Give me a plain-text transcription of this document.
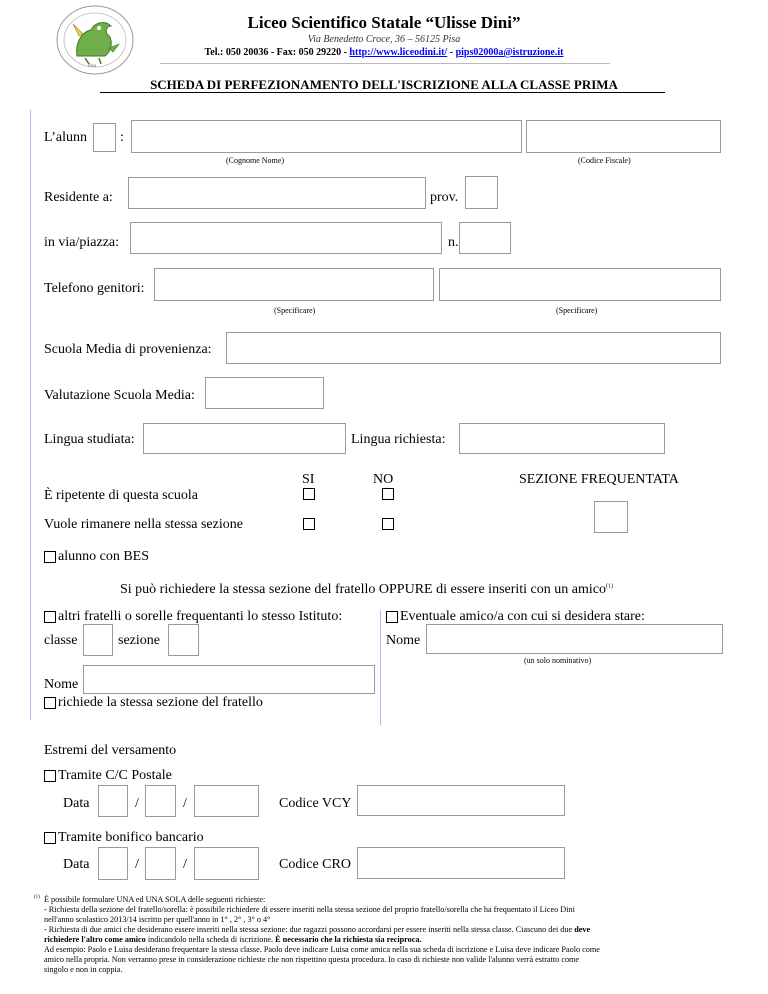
Pisa
Liceo Scientifico Statale “Ulisse Dini”
Via Benedetto Croce, 36 – 56125 Pisa
Tel.: 050 20036 - Fax: 050 29220 - http://www.liceodini.it/ - pips02000a@istruzione.it
SCHEDA DI PERFEZIONAMENTO DELL'ISCRIZIONE ALLA CLASSE PRIMA
L’alunn :
(Cognome Nome)	(Codice Fiscale)
Residente a:	prov.
in via/piazza:	n.
Telefono genitori:
(Specificare)	(Specificare)
Scuola Media di provenienza:
Valutazione Scuola Media:
Lingua studiata:	Lingua richiesta:
SI	NO	SEZIONE FREQUENTATA
È ripetente di questa scuola
Vuole rimanere nella stessa sezione
alunno con BES
Si può richiedere la stessa sezione del fratello OPPURE di essere inseriti con un amico$^{(1)}$
altri fratelli o sorelle frequentanti lo stesso Istituto:	Eventuale amico/a con cui si desidera stare:
classe	sezione	Nome
(un solo nominativo)
Nome
richiede la stessa sezione del fratello
Estremi del versamento
Tramite C/C Postale
Data	/	/	Codice VCY
Tramite bonifico bancario
Data	/	/	Codice CRO
(1) È possibile formulare UNA ed UNA SOLA delle seguenti richieste:
- Richiesta della sezione del fratello/sorella: è possibile richiedere di essere inseriti nella stessa sezione del proprio fratello/sorella che ha frequentato il Liceo Dini
nell'anno scolastico 2013/14 iscritto per quell'anno in 1° , 2° , 3° o 4°
- Richiesta di due amici che desiderano essere inseriti nella stessa sezione: due ragazzi possono accordarsi per essere inseriti nella stessa classe. Ciascuno dei due deve
richiedere l'altro come amico indicandolo nella scheda di iscrizione. È necessario che la richiesta sia reciproca.
Ad esempio: Paolo e Luisa desiderano frequentare la stessa classe. Paolo deve indicare Luisa come amica nella sua scheda di iscrizione e Luisa deve indicare Paolo come
amico nella propria. Non verranno prese in considerazione richieste che non rispettino questa procedura. In caso di richieste non valide l'alunno verrà estratto come
singolo e non in coppia.
